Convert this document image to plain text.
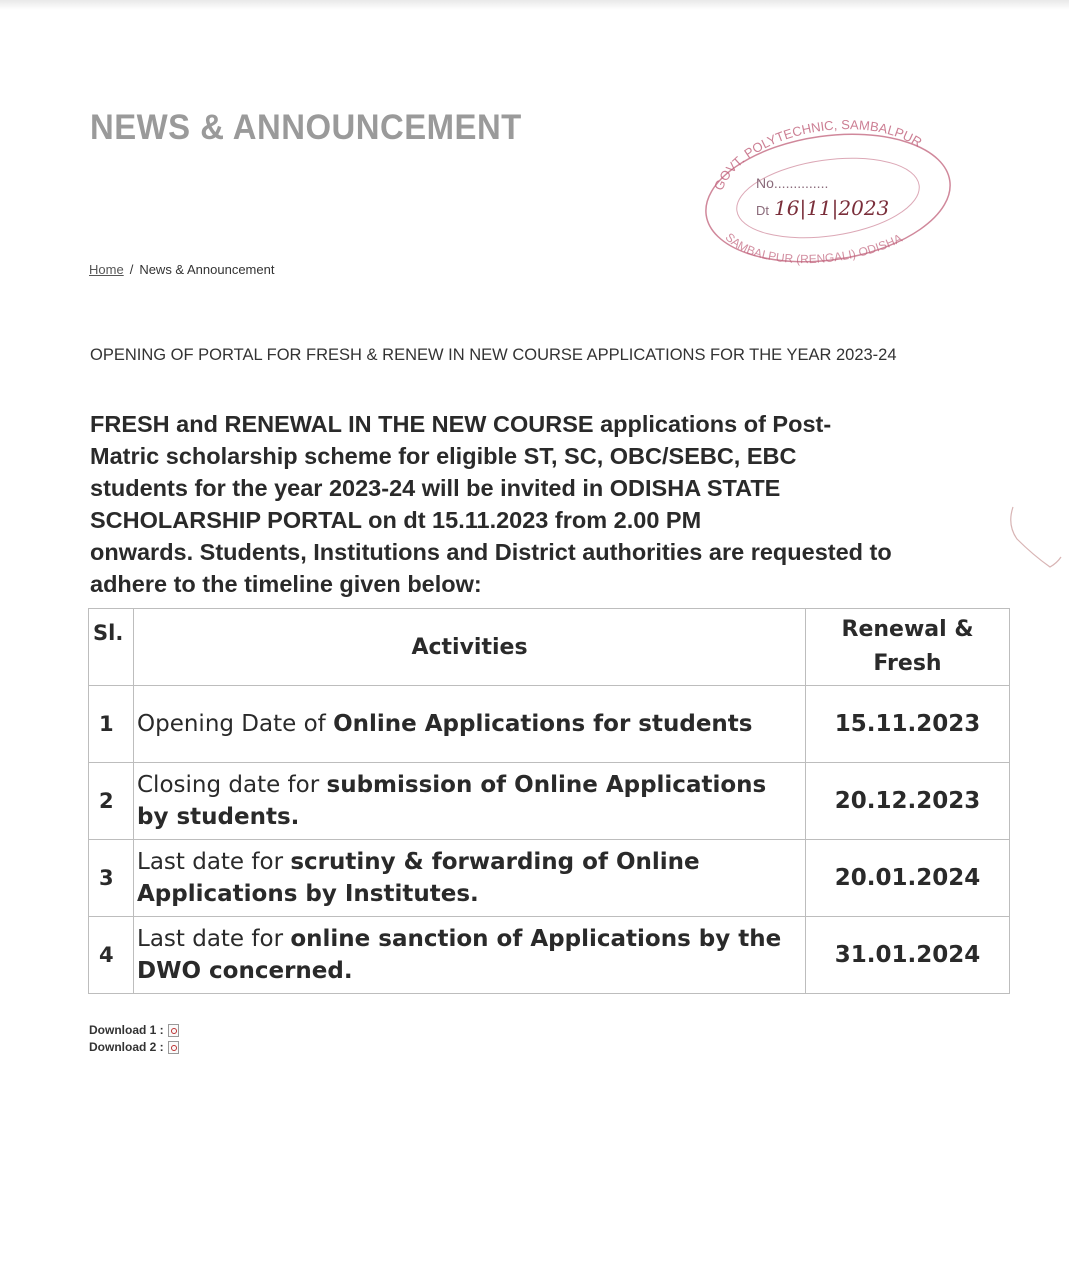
NEWS & ANNOUNCEMENT
GOVT. POLYTECHNIC, SAMBALPUR
SAMBALPUR (RENGALI) ODISHA
No..............
Dt 16|11|2023
Home / News & Announcement
OPENING OF PORTAL FOR FRESH & RENEW IN NEW COURSE APPLICATIONS FOR THE YEAR 2023-24
FRESH and RENEWAL IN THE NEW COURSE applications of Post-
Matric scholarship scheme for eligible ST, SC, OBC/SEBC, EBC
students for the year 2023-24 will be invited in ODISHA STATE
SCHOLARSHIP PORTAL on dt 15.11.2023 from 2.00 PM
onwards. Students, Institutions and District authorities are requested to
adhere to the timeline given below:
Sl.	Activities	Renewal &
Fresh
1	Opening Date of Online Applications for students	15.11.2023
2	Closing date for submission of Online Applications by students.	20.12.2023
3	Last date for scrutiny & forwarding of Online Applications by Institutes.	20.01.2024
4	Last date for online sanction of Applications by the DWO concerned.	31.01.2024
Download 1 :
Download 2 :
